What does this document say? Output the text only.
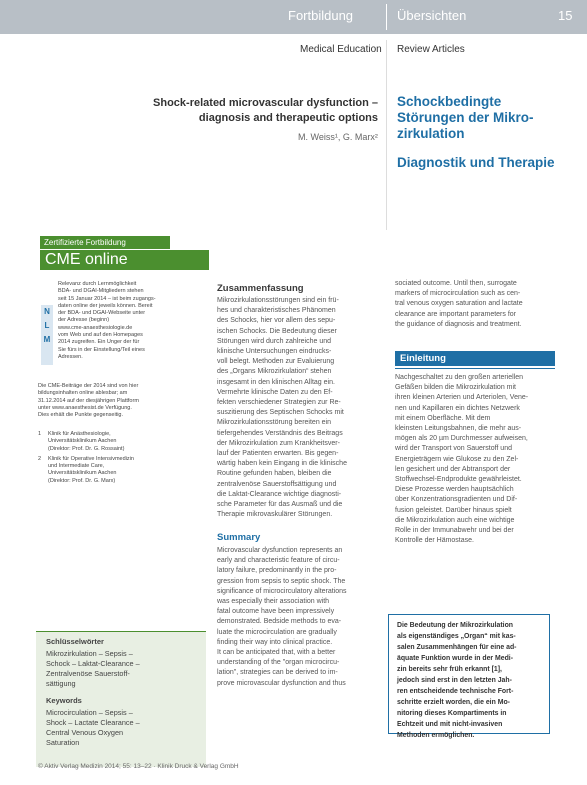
Fortbildung	Übersichten	15
Medical Education Review Articles
Shock-related microvascular dysfunction –
diagnosis and therapeutic options
Schockbedingte
Störungen der Mikro-
zirkulation
Diagnostik und Therapie
M. Weiss¹, G. Marx²
Zertifizierte Fortbildung
CME online
N
L
M
Relevanz durch Lernmöglichkeit
BDA- und DGAI-Mitgliedern stehen
seit 15 Januar 2014 – ist beim zugangs-
daten online der jeweils können. Bereit
der BDA- und DGAI-Webseite unter
der Adresse (beginn)
www.cme-anaesthesiologie.de
vom Web und auf den Homepages
2014 zugreifen. Ein Unger der für
Sie fürs in der Einstellung/Teil eines
Adressen.
Die CME-Beiträge der 2014 sind von hier
bildungsinhalten online ablesbar; am
31.12.2014 auf der diesjährigen Plattform
unter www.anaesthesist.de Verfügung.
Dies erhält die Punkte gegenseitig.
1	Klinik für Anästhesiologie,
Universitätsklinikum Aachen
(Direktor: Prof. Dr. G. Rossaint)
2	Klinik für Operative Intensivmedizin
und Intermediate Care,
Universitätsklinikum Aachen
(Direktor: Prof. Dr. G. Marx)
Schlüsselwörter
Mikrozirkulation – Sepsis –
Schock – Laktat-Clearance –
Zentralvenöse Sauerstoff-
sättigung
Keywords
Microcirculation – Sepsis –
Shock – Lactate Clearance –
Central Venous Oxygen
Saturation
Zusammenfassung
Mikrozirkulationsstörungen sind ein frü-
hes und charakteristisches Phänomen
des Schocks, hier vor allem des sepu-
ischen Schocks. Die Bedeutung dieser
Störungen wird durch zahlreiche und
klinische Untersuchungen eindrucks-
voll belegt. Methoden zur Evaluierung
des „Organs Mikrozirkulation“ stehen
insgesamt in den klinischen Alltag ein.
Vermehrte klinische Daten zu den Ef-
fekten verschiedener Strategien zur Re-
suszitierung des Septischen Schocks mit
Mikrozirkulationsstörung bereiten ein
tiefergehendes Verständnis des Beitrags
der Mikrozirkulation zum Krankheitsver-
lauf der Patienten erwarten. Bis gegen-
wärtig haben kein Eingang in die klinische
Routine gefunden haben, bleiben die
zentralvenöse Sauerstoffsättigung und
die Laktat-Clearance wichtige diagnosti-
sche Parameter für das Ausmaß und die
Therapie mikrovaskulärer Störungen.
Summary
Microvascular dysfunction represents an
early and characteristic feature of circu-
latory failure, predominantly in the pro-
gression from sepsis to septic shock. The
significance of microcirculatory alterations
was especially their association with
fatal outcome have been impressively
demonstrated. Bedside methods to eva-
luate the microcirculation are gradually
finding their way into clinical practice.
It can be anticipated that, with a better
understanding of the "organ microcircu-
lation", strategies can be derived to im-
prove microvascular dysfunction and thus
sociated outcome. Until then, surrogate
markers of microcirculation such as cen-
tral venous oxygen saturation and lactate
clearance are important parameters for
the guidance of diagnosis and treatment.
Einleitung
Nachgeschaltet zu den großen arteriellen
Gefäßen bilden die Mikrozirkulation mit
ihren kleinen Arterien und Arteriolen, Vene-
nen und Kapillaren ein dichtes Netzwerk
mit einem Oberfläche. Mit dem
kleinsten Leitungsbahnen, die mehr aus-
mögen als 20 µm Durchmesser aufweisen,
wird der Transport von Sauerstoff und
Energieträgern wie Glukose zu den Zel-
len gesichert und der Abtransport der
Stoffwechsel-Endprodukte gewährleistet.
Diese Prozesse werden hauptsächlich
über Konzentrationsgradienten und Dif-
fusion geleistet. Darüber hinaus spielt
die Mikrozirkulation auch eine wichtige
Rolle in der Immunabwehr und bei der
Kontrolle der Hämostase.
Die Bedeutung der Mikrozirkulation
als eigenständiges „Organ“ mit kas-
salen Zusammenhängen für eine ad-
äquate Funktion wurde in der Medi-
zin bereits sehr früh erkannt [1],
jedoch sind erst in den letzten Jah-
ren entscheidende technische Fort-
schritte erzielt worden, die ein Mo-
nitoring dieses Kompartiments in
Echtzeit und mit nicht-invasiven
Methoden ermöglichen.
© Aktiv Verlag Medizin 2014; 55: 13–22 · Klinik Druck & Verlag GmbH
